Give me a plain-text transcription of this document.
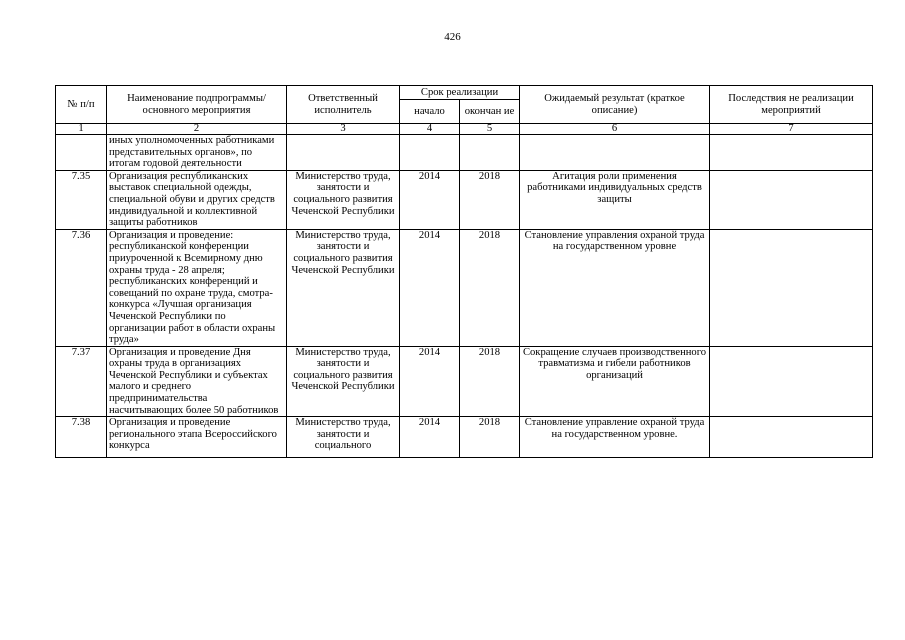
426
№ п/п	Наименование подпрограммы/ основного мероприятия	Ответственный исполнитель	Срок реализации		Ожидаемый результат (краткое описание)	Последствия не реализации мероприятий
			начало	окончан ие		
1	2	3	4	5	6	7
	иных уполномоченных работниками представительных органов», по итогам годовой деятельности					
7.35	Организация республиканских выставок специальной одежды, специальной обуви и других средств индивидуальной и коллективной защиты работников	Министерство труда, занятости и социального развития Чеченской Республики	2014	2018	Агитация роли применения работниками индивидуальных средств защиты	
7.36	Организация и проведение: республиканской конференции приуроченной к Всемирному дню охраны труда - 28 апреля; республиканских конференций и совещаний по охране труда, смотра-конкурса «Лучшая организация Чеченской Республики по организации работ в области охраны труда»	Министерство труда, занятости и социального развития Чеченской Республики	2014	2018	Становление управления охраной труда на государственном уровне	
7.37	Организация и проведение Дня охраны труда в организациях Чеченской Республики и субъектах малого и среднего предпринимательства насчитывающих более 50 работников	Министерство труда, занятости и социального развития Чеченской Республики	2014	2018	Сокращение случаев производственного травматизма и гибели работников организаций	
7.38	Организация и проведение регионального этапа Всероссийского конкурса	Министерство труда, занятости и социального	2014	2018	Становление управление охраной труда на государственном уровне.	
